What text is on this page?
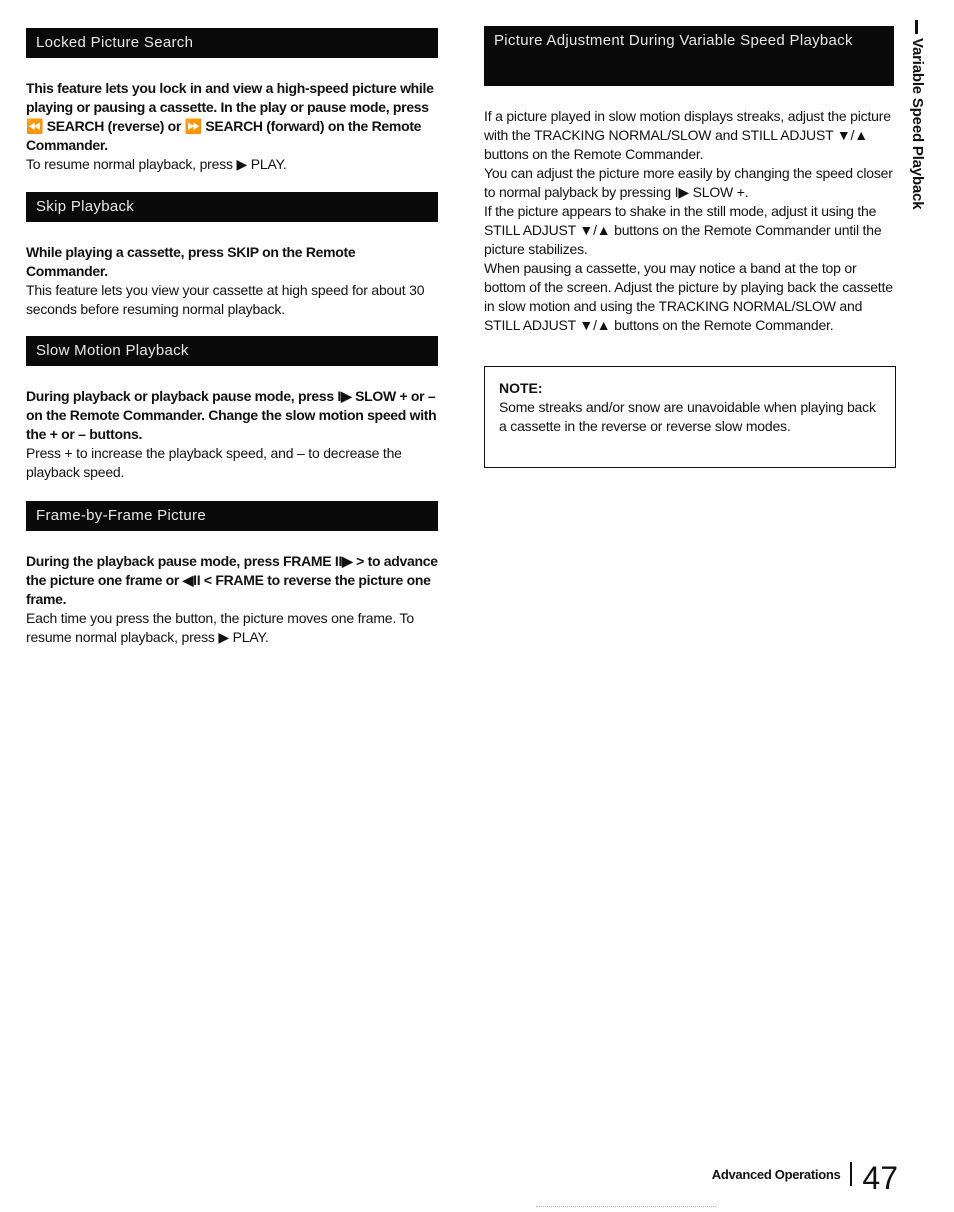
Locked Picture Search

This feature lets you lock in and view a high-speed picture while playing or pausing a cassette. In the play or pause mode, press ⏪ SEARCH (reverse) or ⏩ SEARCH (forward) on the Remote Commander.

To resume normal playback, press ▶ PLAY.

Skip Playback

While playing a cassette, press SKIP on the Remote Commander.

This feature lets you view your cassette at high speed for about 30 seconds before resuming normal playback.

Slow Motion Playback

During playback or playback pause mode, press I▶ SLOW + or – on the Remote Commander. Change the slow motion speed with the + or – buttons.

Press + to increase the playback speed, and – to decrease the playback speed.

Frame-by-Frame Picture

During the playback pause mode, press FRAME II▶ > to advance the picture one frame or ◀II < FRAME to reverse the picture one frame.

Each time you press the button, the picture moves one frame. To resume normal playback, press ▶ PLAY.

Picture Adjustment During Variable Speed Playback

If a picture played in slow motion displays streaks, adjust the picture with the TRACKING NORMAL/SLOW and STILL ADJUST ▼/▲ buttons on the Remote Commander.

You can adjust the picture more easily by changing the speed closer to normal palyback by pressing I▶ SLOW +.

If the picture appears to shake in the still mode, adjust it using the STILL ADJUST ▼/▲ buttons on the Remote Commander until the picture stabilizes.

When pausing a cassette, you may notice a band at the top or bottom of the screen. Adjust the picture by playing back the cassette in slow motion and using the TRACKING NORMAL/SLOW and STILL ADJUST ▼/▲ buttons on the Remote Commander.

NOTE:

Some streaks and/or snow are unavoidable when playing back a cassette in the reverse or reverse slow modes.

Variable Speed Playback
Advanced Operations 47
